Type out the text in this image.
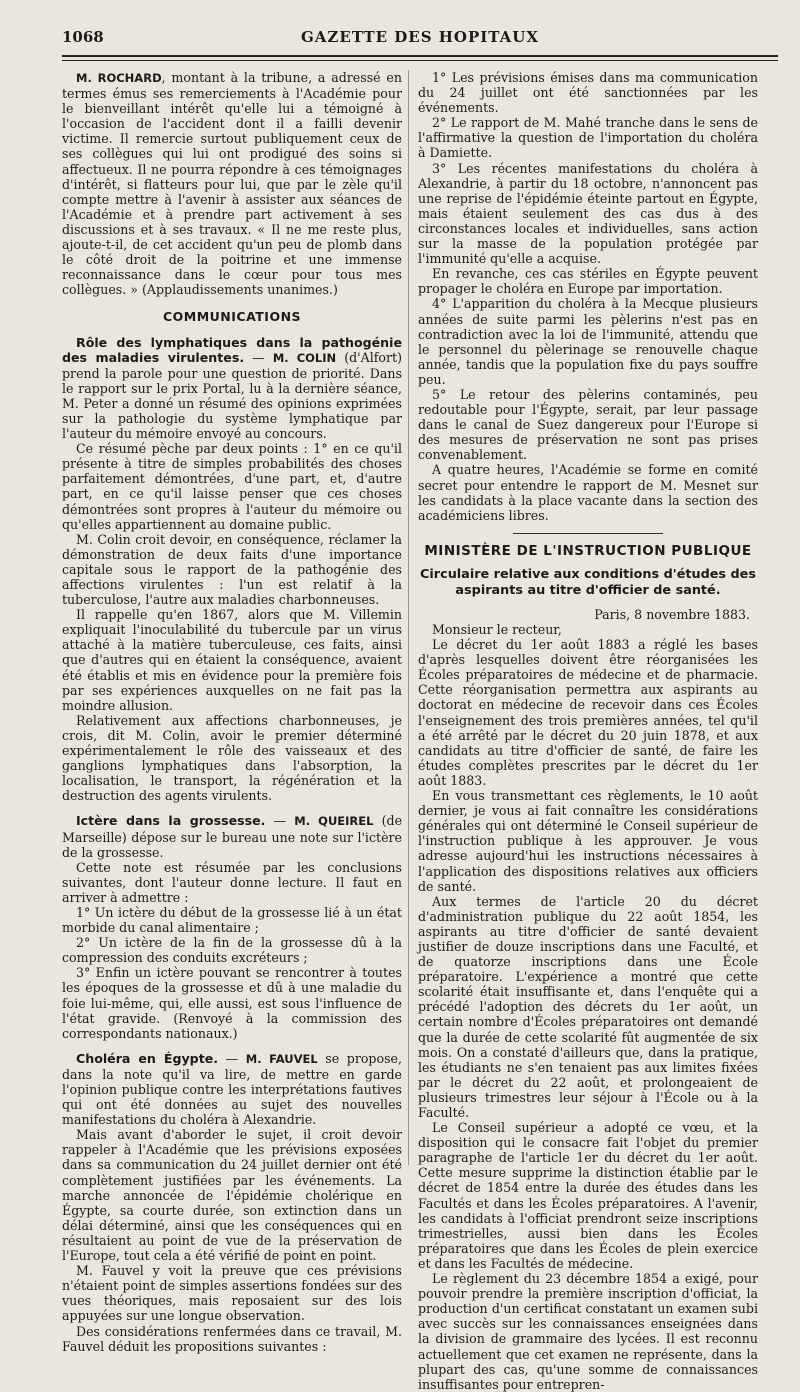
1068	GAZETTE DES HOPITAUX

M. ROCHARD, montant à la tribune, a adressé en termes émus ses remerciements à l'Académie pour le bienveillant intérêt qu'elle lui a témoigné à l'occasion de l'accident dont il a failli devenir victime. Il remercie surtout publiquement ceux de ses collègues qui lui ont prodigué des soins si affectueux. Il ne pourra répondre à ces témoignages d'intérêt, si flatteurs pour lui, que par le zèle qu'il compte mettre à l'avenir à assister aux séances de l'Académie et à prendre part activement à ses discussions et à ses travaux. « Il ne me reste plus, ajoute-t-il, de cet accident qu'un peu de plomb dans le côté droit de la poitrine et une immense reconnaissance dans le cœur pour tous mes collègues. » (Applaudissements unanimes.)

COMMUNICATIONS

Rôle des lymphatiques dans la pathogénie des maladies virulentes. — M. COLIN (d'Alfort) prend la parole pour une question de priorité. Dans le rapport sur le prix Portal, lu à la dernière séance, M. Peter a donné un résumé des opinions exprimées sur la pathologie du système lymphatique par l'auteur du mémoire envoyé au concours.

Ce résumé pèche par deux points : 1° en ce qu'il présente à titre de simples probabilités des choses parfaitement démontrées, d'une part, et, d'autre part, en ce qu'il laisse penser que ces choses démontrées sont propres à l'auteur du mémoire ou qu'elles appartiennent au domaine public.

M. Colin croit devoir, en conséquence, réclamer la démonstration de deux faits d'une importance capitale sous le rapport de la pathogénie des affections virulentes : l'un est relatif à la tuberculose, l'autre aux maladies charbonneuses.

Il rappelle qu'en 1867, alors que M. Villemin expliquait l'inoculabilité du tubercule par un virus attaché à la matière tuberculeuse, ces faits, ainsi que d'autres qui en étaient la conséquence, avaient été établis et mis en évidence pour la première fois par ses expériences auxquelles on ne fait pas la moindre allusion.

Relativement aux affections charbonneuses, je crois, dit M. Colin, avoir le premier déterminé expérimentalement le rôle des vaisseaux et des ganglions lymphatiques dans l'absorption, la localisation, le transport, la régénération et la destruction des agents virulents.

Ictère dans la grossesse. — M. QUEIREL (de Marseille) dépose sur le bureau une note sur l'ictère de la grossesse.

Cette note est résumée par les conclusions suivantes, dont l'auteur donne lecture. Il faut en arriver à admettre :

1° Un ictère du début de la grossesse lié à un état morbide du canal alimentaire ;

2° Un ictère de la fin de la grossesse dû à la compression des conduits excréteurs ;

3° Enfin un ictère pouvant se rencontrer à toutes les époques de la grossesse et dû à une maladie du foie lui-même, qui, elle aussi, est sous l'influence de l'état gravide. (Renvoyé à la commission des correspondants nationaux.)

Choléra en Égypte. — M. FAUVEL se propose, dans la note qu'il va lire, de mettre en garde l'opinion publique contre les interprétations fautives qui ont été données au sujet des nouvelles manifestations du choléra à Alexandrie.

Mais avant d'aborder le sujet, il croit devoir rappeler à l'Académie que les prévisions exposées dans sa communication du 24 juillet dernier ont été complètement justifiées par les événements. La marche annoncée de l'épidémie cholérique en Égypte, sa courte durée, son extinction dans un délai déterminé, ainsi que les conséquences qui en résultaient au point de vue de la préservation de l'Europe, tout cela a été vérifié de point en point.

M. Fauvel y voit la preuve que ces prévisions n'étaient point de simples assertions fondées sur des vues théoriques, mais reposaient sur des lois appuyées sur une longue observation.

Des considérations renfermées dans ce travail, M. Fauvel déduit les propositions suivantes :

1° Les prévisions émises dans ma communication du 24 juillet ont été sanctionnées par les événements.

2° Le rapport de M. Mahé tranche dans le sens de l'affirmative la question de l'importation du choléra à Damiette.

3° Les récentes manifestations du choléra à Alexandrie, à partir du 18 octobre, n'annoncent pas une reprise de l'épidémie éteinte partout en Égypte, mais étaient seulement des cas dus à des circonstances locales et individuelles, sans action sur la masse de la population protégée par l'immunité qu'elle a acquise.

En revanche, ces cas stériles en Égypte peuvent propager le choléra en Europe par importation.

4° L'apparition du choléra à la Mecque plusieurs années de suite parmi les pèlerins n'est pas en contradiction avec la loi de l'immunité, attendu que le personnel du pèlerinage se renouvelle chaque année, tandis que la population fixe du pays souffre peu.

5° Le retour des pèlerins contaminés, peu redoutable pour l'Égypte, serait, par leur passage dans le canal de Suez dangereux pour l'Europe si des mesures de préservation ne sont pas prises convenablement.

A quatre heures, l'Académie se forme en comité secret pour entendre le rapport de M. Mesnet sur les candidats à la place vacante dans la section des académiciens libres.

MINISTÈRE DE L'INSTRUCTION PUBLIQUE
Circulaire relative aux conditions d'études des aspirants au titre d'officier de santé.

Paris, 8 novembre 1883.

Monsieur le recteur,

Le décret du 1er août 1883 a réglé les bases d'après lesquelles doivent être réorganisées les Écoles préparatoires de médecine et de pharmacie. Cette réorganisation permettra aux aspirants au doctorat en médecine de recevoir dans ces Écoles l'enseignement des trois premières années, tel qu'il a été arrêté par le décret du 20 juin 1878, et aux candidats au titre d'officier de santé, de faire les études complètes prescrites par le décret du 1er août 1883.

En vous transmettant ces règlements, le 10 août dernier, je vous ai fait connaître les considérations générales qui ont déterminé le Conseil supérieur de l'instruction publique à les approuver. Je vous adresse aujourd'hui les instructions nécessaires à l'application des dispositions relatives aux officiers de santé.

Aux termes de l'article 20 du décret d'administration publique du 22 août 1854, les aspirants au titre d'officier de santé devaient justifier de douze inscriptions dans une Faculté, et de quatorze inscriptions dans une École préparatoire. L'expérience a montré que cette scolarité était insuffisante et, dans l'enquête qui a précédé l'adoption des décrets du 1er août, un certain nombre d'Écoles préparatoires ont demandé que la durée de cette scolarité fût augmentée de six mois. On a constaté d'ailleurs que, dans la pratique, les étudiants ne s'en tenaient pas aux limites fixées par le décret du 22 août, et prolongeaient de plusieurs trimestres leur séjour à l'École ou à la Faculté.

Le Conseil supérieur a adopté ce vœu, et la disposition qui le consacre fait l'objet du premier paragraphe de l'article 1er du décret du 1er août. Cette mesure supprime la distinction établie par le décret de 1854 entre la durée des études dans les Facultés et dans les Écoles préparatoires. A l'avenir, les candidats à l'officiat prendront seize inscriptions trimestrielles, aussi bien dans les Écoles préparatoires que dans les Écoles de plein exercice et dans les Facultés de médecine.

Le règlement du 23 décembre 1854 a exigé, pour pouvoir prendre la première inscription d'officiat, la production d'un certificat constatant un examen subi avec succès sur les connaissances enseignées dans la division de grammaire des lycées. Il est reconnu actuellement que cet examen ne représente, dans la plupart des cas, qu'une somme de connaissances insuffisantes pour entrepren-
